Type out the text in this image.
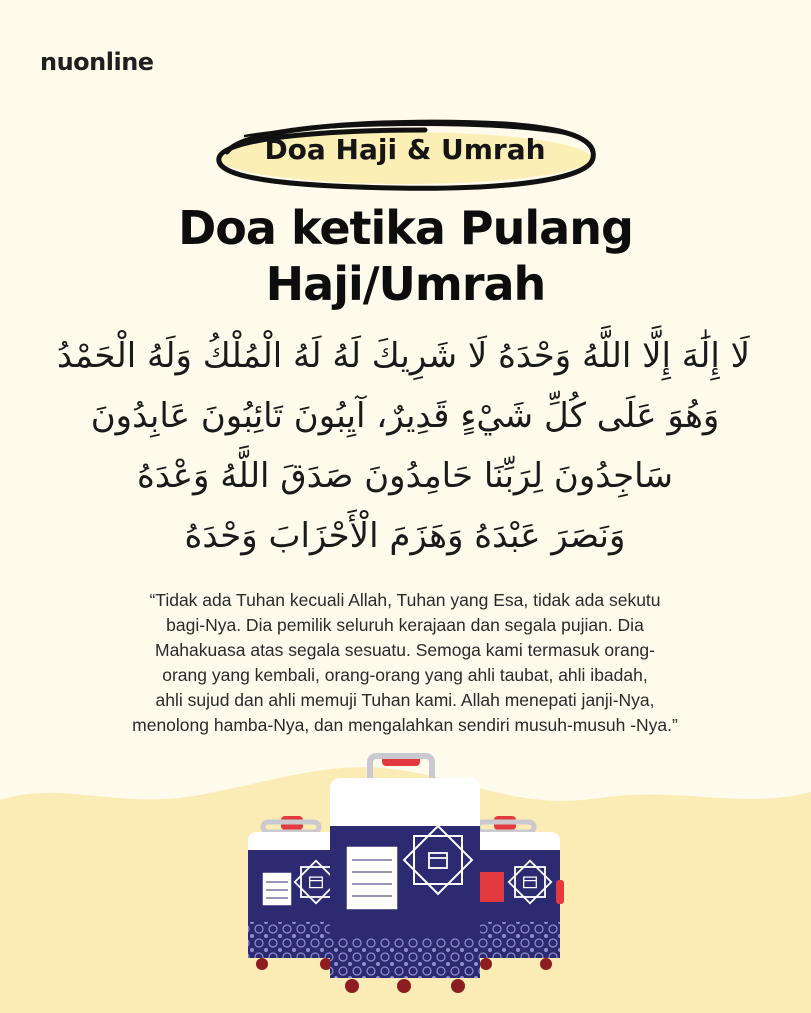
nuonline
Doa Haji & Umrah
Doa ketika Pulang
Haji/Umrah
لَا إِلَٰهَ إِلَّا اللَّهُ وَحْدَهُ لَا شَرِيكَ لَهُ لَهُ الْمُلْكُ وَلَهُ الْحَمْدُ
وَهُوَ عَلَى كُلِّ شَيْءٍ قَدِيرٌ، آيِبُونَ تَائِبُونَ عَابِدُونَ
سَاجِدُونَ لِرَبِّنَا حَامِدُونَ صَدَقَ اللَّهُ وَعْدَهُ
وَنَصَرَ عَبْدَهُ وَهَزَمَ الْأَحْزَابَ وَحْدَهُ
“Tidak ada Tuhan kecuali Allah, Tuhan yang Esa, tidak ada sekutu
bagi-Nya. Dia pemilik seluruh kerajaan dan segala pujian. Dia
Mahakuasa atas segala sesuatu. Semoga kami termasuk orang-
orang yang kembali, orang-orang yang ahli taubat, ahli ibadah,
ahli sujud dan ahli memuji Tuhan kami. Allah menepati janji-Nya,
menolong hamba-Nya, dan mengalahkan sendiri musuh-musuh -Nya.”
